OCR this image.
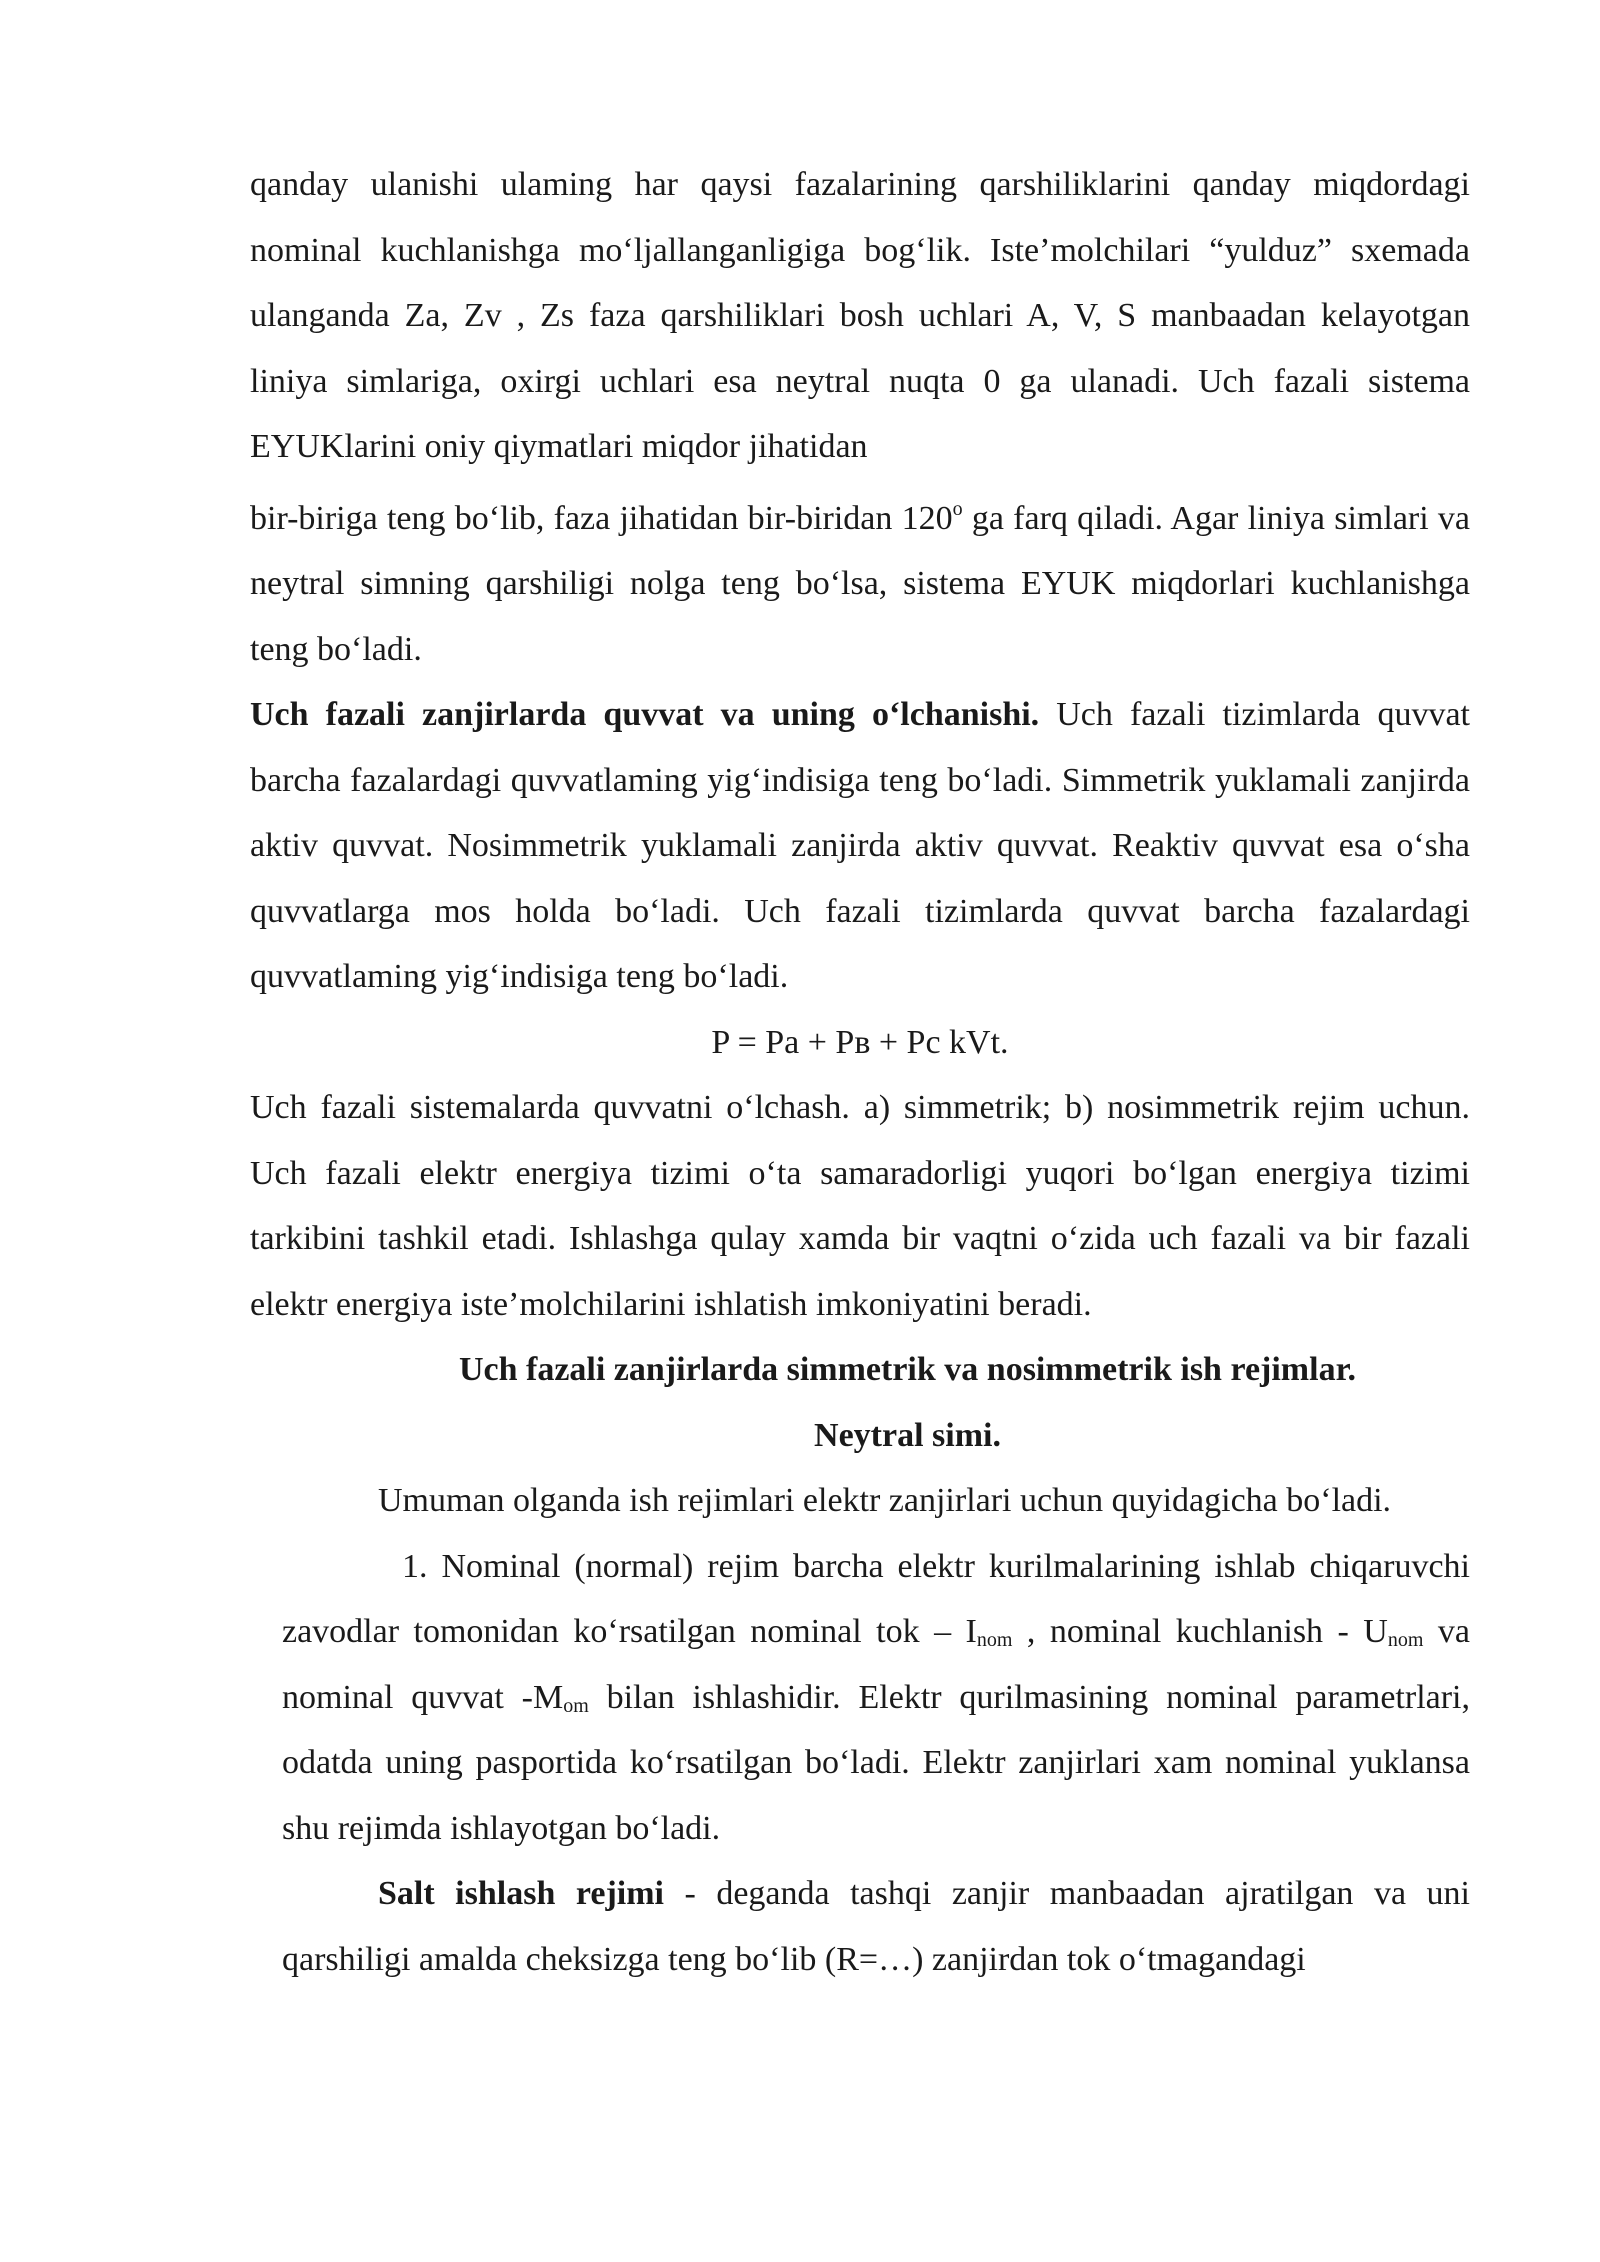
qanday ulanishi ulaming har qaysi fazalarining qarshiliklarini qanday miqdordagi nominal kuchlanishga mo‘ljallanganligiga bog‘lik. Iste’molchilari “yulduz” sxemada ulanganda Za, Zv , Zs faza qarshiliklari bosh uchlari A, V, S manbaadan kelayotgan liniya simlariga, oxirgi uchlari esa neytral nuqta 0 ga ulanadi. Uch fazali sistema EYUKlarini oniy qiymatlari miqdor jihatidan

bir-biriga teng bo‘lib, faza jihatidan bir-biridan 120$^o$ ga farq qiladi. Agar liniya simlari va neytral simning qarshiligi nolga teng bo‘lsa, sistema EYUK miqdorlari kuchlanishga teng bo‘ladi.

Uch fazali zanjirlarda quvvat va uning o‘lchanishi. Uch fazali tizimlarda quvvat barcha fazalardagi quvvatlaming yig‘indisiga teng bo‘ladi. Simmetrik yuklamali zanjirda aktiv quvvat. Nosimmetrik yuklamali zanjirda aktiv quvvat. Reaktiv quvvat esa o‘sha quvvatlarga mos holda bo‘ladi. Uch fazali tizimlarda quvvat barcha fazalardagi quvvatlaming yig‘indisiga teng bo‘ladi.

P = Pa + Pв + Pc kVt.

Uch fazali sistemalarda quvvatni o‘lchash. a) simmetrik; b) nosimmetrik rejim uchun. Uch fazali elektr energiya tizimi o‘ta samaradorligi yuqori bo‘lgan energiya tizimi tarkibini tashkil etadi. Ishlashga qulay xamda bir vaqtni o‘zida uch fazali va bir fazali elektr energiya iste’molchilarini ishlatish imkoniyatini beradi.

Uch fazali zanjirlarda simmetrik va nosimmetrik ish rejimlar.

Neytral simi.

Umuman olganda ish rejimlari elektr zanjirlari uchun quyidagicha bo‘ladi.

1. Nominal (normal) rejim barcha elektr kurilmalarining ishlab chiqaruvchi zavodlar tomonidan ko‘rsatilgan nominal tok – $I_{nom}$ , nominal kuchlanish - $U_{nom}$ va nominal quvvat $-M_{om}$ bilan ishlashidir. Elektr qurilmasining nominal parametrlari, odatda uning pasportida ko‘rsatilgan bo‘ladi. Elektr zanjirlari xam nominal yuklansa shu rejimda ishlayotgan bo‘ladi.

Salt ishlash rejimi - deganda tashqi zanjir manbaadan ajratilgan va uni qarshiligi amalda cheksizga teng bo‘lib (R=…) zanjirdan tok o‘tmagandagi
